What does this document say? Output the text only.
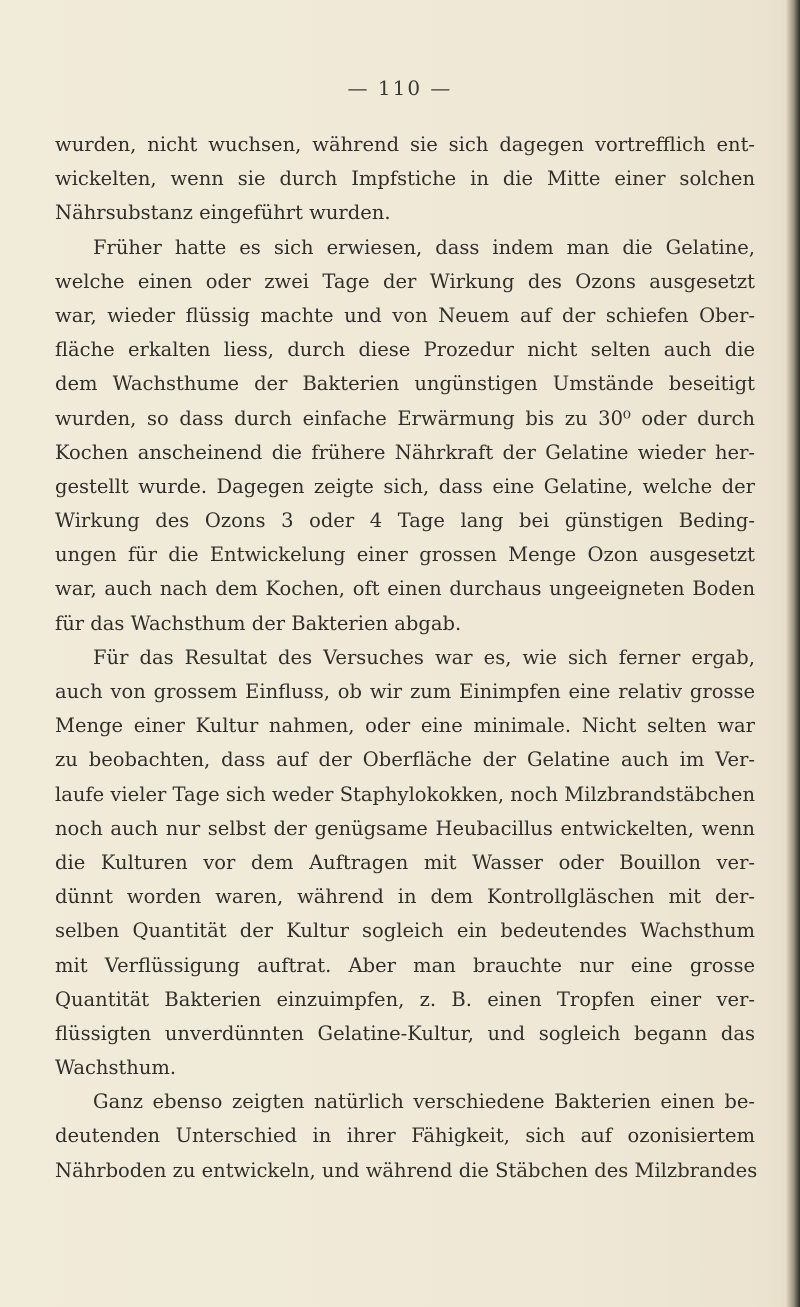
— 110 —

wurden, nicht wuchsen, während sie sich dagegen vortrefflich ent-
wickelten, wenn sie durch Impfstiche in die Mitte einer solchen
Nährsubstanz eingeführt wurden.

Früher hatte es sich erwiesen, dass indem man die Gelatine,
welche einen oder zwei Tage der Wirkung des Ozons ausgesetzt
war, wieder flüssig machte und von Neuem auf der schiefen Ober-
fläche erkalten liess, durch diese Prozedur nicht selten auch die
dem Wachsthume der Bakterien ungünstigen Umstände beseitigt
wurden, so dass durch einfache Erwärmung bis zu 30⁰ oder durch
Kochen anscheinend die frühere Nährkraft der Gelatine wieder her-
gestellt wurde. Dagegen zeigte sich, dass eine Gelatine, welche der
Wirkung des Ozons 3 oder 4 Tage lang bei günstigen Beding-
ungen für die Entwickelung einer grossen Menge Ozon ausgesetzt
war, auch nach dem Kochen, oft einen durchaus ungeeigneten Boden
für das Wachsthum der Bakterien abgab.

Für das Resultat des Versuches war es, wie sich ferner ergab,
auch von grossem Einfluss, ob wir zum Einimpfen eine relativ grosse
Menge einer Kultur nahmen, oder eine minimale. Nicht selten war
zu beobachten, dass auf der Oberfläche der Gelatine auch im Ver-
laufe vieler Tage sich weder Staphylokokken, noch Milzbrandstäbchen
noch auch nur selbst der genügsame Heubacillus entwickelten, wenn
die Kulturen vor dem Auftragen mit Wasser oder Bouillon ver-
dünnt worden waren, während in dem Kontrollgläschen mit der-
selben Quantität der Kultur sogleich ein bedeutendes Wachsthum
mit Verflüssigung auftrat. Aber man brauchte nur eine grosse
Quantität Bakterien einzuimpfen, z. B. einen Tropfen einer ver-
flüssigten unverdünnten Gelatine-Kultur, und sogleich begann das
Wachsthum.

Ganz ebenso zeigten natürlich verschiedene Bakterien einen be-
deutenden Unterschied in ihrer Fähigkeit, sich auf ozonisiertem
Nährboden zu entwickeln, und während die Stäbchen des Milzbrandes
